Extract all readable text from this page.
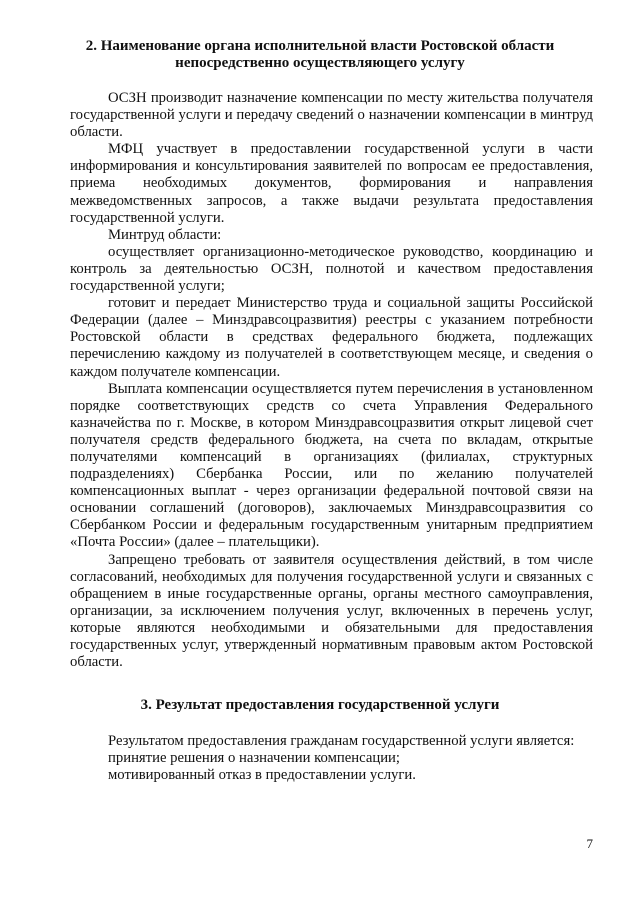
2. Наименование органа исполнительной власти Ростовской области непосредственно осуществляющего услугу

ОСЗН производит назначение компенсации по месту жительства получателя государственной услуги и передачу сведений о назначении компенсации в минтруд области.

МФЦ участвует в предоставлении государственной услуги в части информирования и консультирования заявителей по вопросам ее предоставления, приема необходимых документов, формирования и направления межведомственных запросов, а также выдачи результата предоставления государственной услуги.

Минтруд области:

осуществляет организационно-методическое руководство, координацию и контроль за деятельностью ОСЗН, полнотой и качеством предоставления государственной услуги;

готовит и передает Министерство труда и социальной защиты Российской Федерации (далее – Минздравсоцразвития) реестры с указанием потребности Ростовской области в средствах федерального бюджета, подлежащих перечислению каждому из получателей в соответствующем месяце, и сведения о каждом получателе компенсации.

Выплата компенсации осуществляется путем перечисления в установленном порядке соответствующих средств со счета Управления Федерального казначейства по г. Москве, в котором Минздравсоцразвития открыт лицевой счет получателя средств федерального бюджета, на счета по вкладам, открытые получателями компенсаций в организациях (филиалах, структурных подразделениях) Сбербанка России, или по желанию получателей компенсационных выплат - через организации федеральной почтовой связи на основании соглашений (договоров), заключаемых Минздравсоцразвития со Сбербанком России и федеральным государственным унитарным предприятием «Почта России» (далее – плательщики).

Запрещено требовать от заявителя осуществления действий, в том числе согласований, необходимых для получения государственной услуги и связанных с обращением в иные государственные органы, органы местного самоуправления, организации, за исключением получения услуг, включенных в перечень услуг, которые являются необходимыми и обязательными для предоставления государственных услуг, утвержденный нормативным правовым актом Ростовской области.

3. Результат предоставления государственной услуги

Результатом предоставления гражданам государственной услуги является:

принятие решения о назначении компенсации;

мотивированный отказ в предоставлении услуги.

7
